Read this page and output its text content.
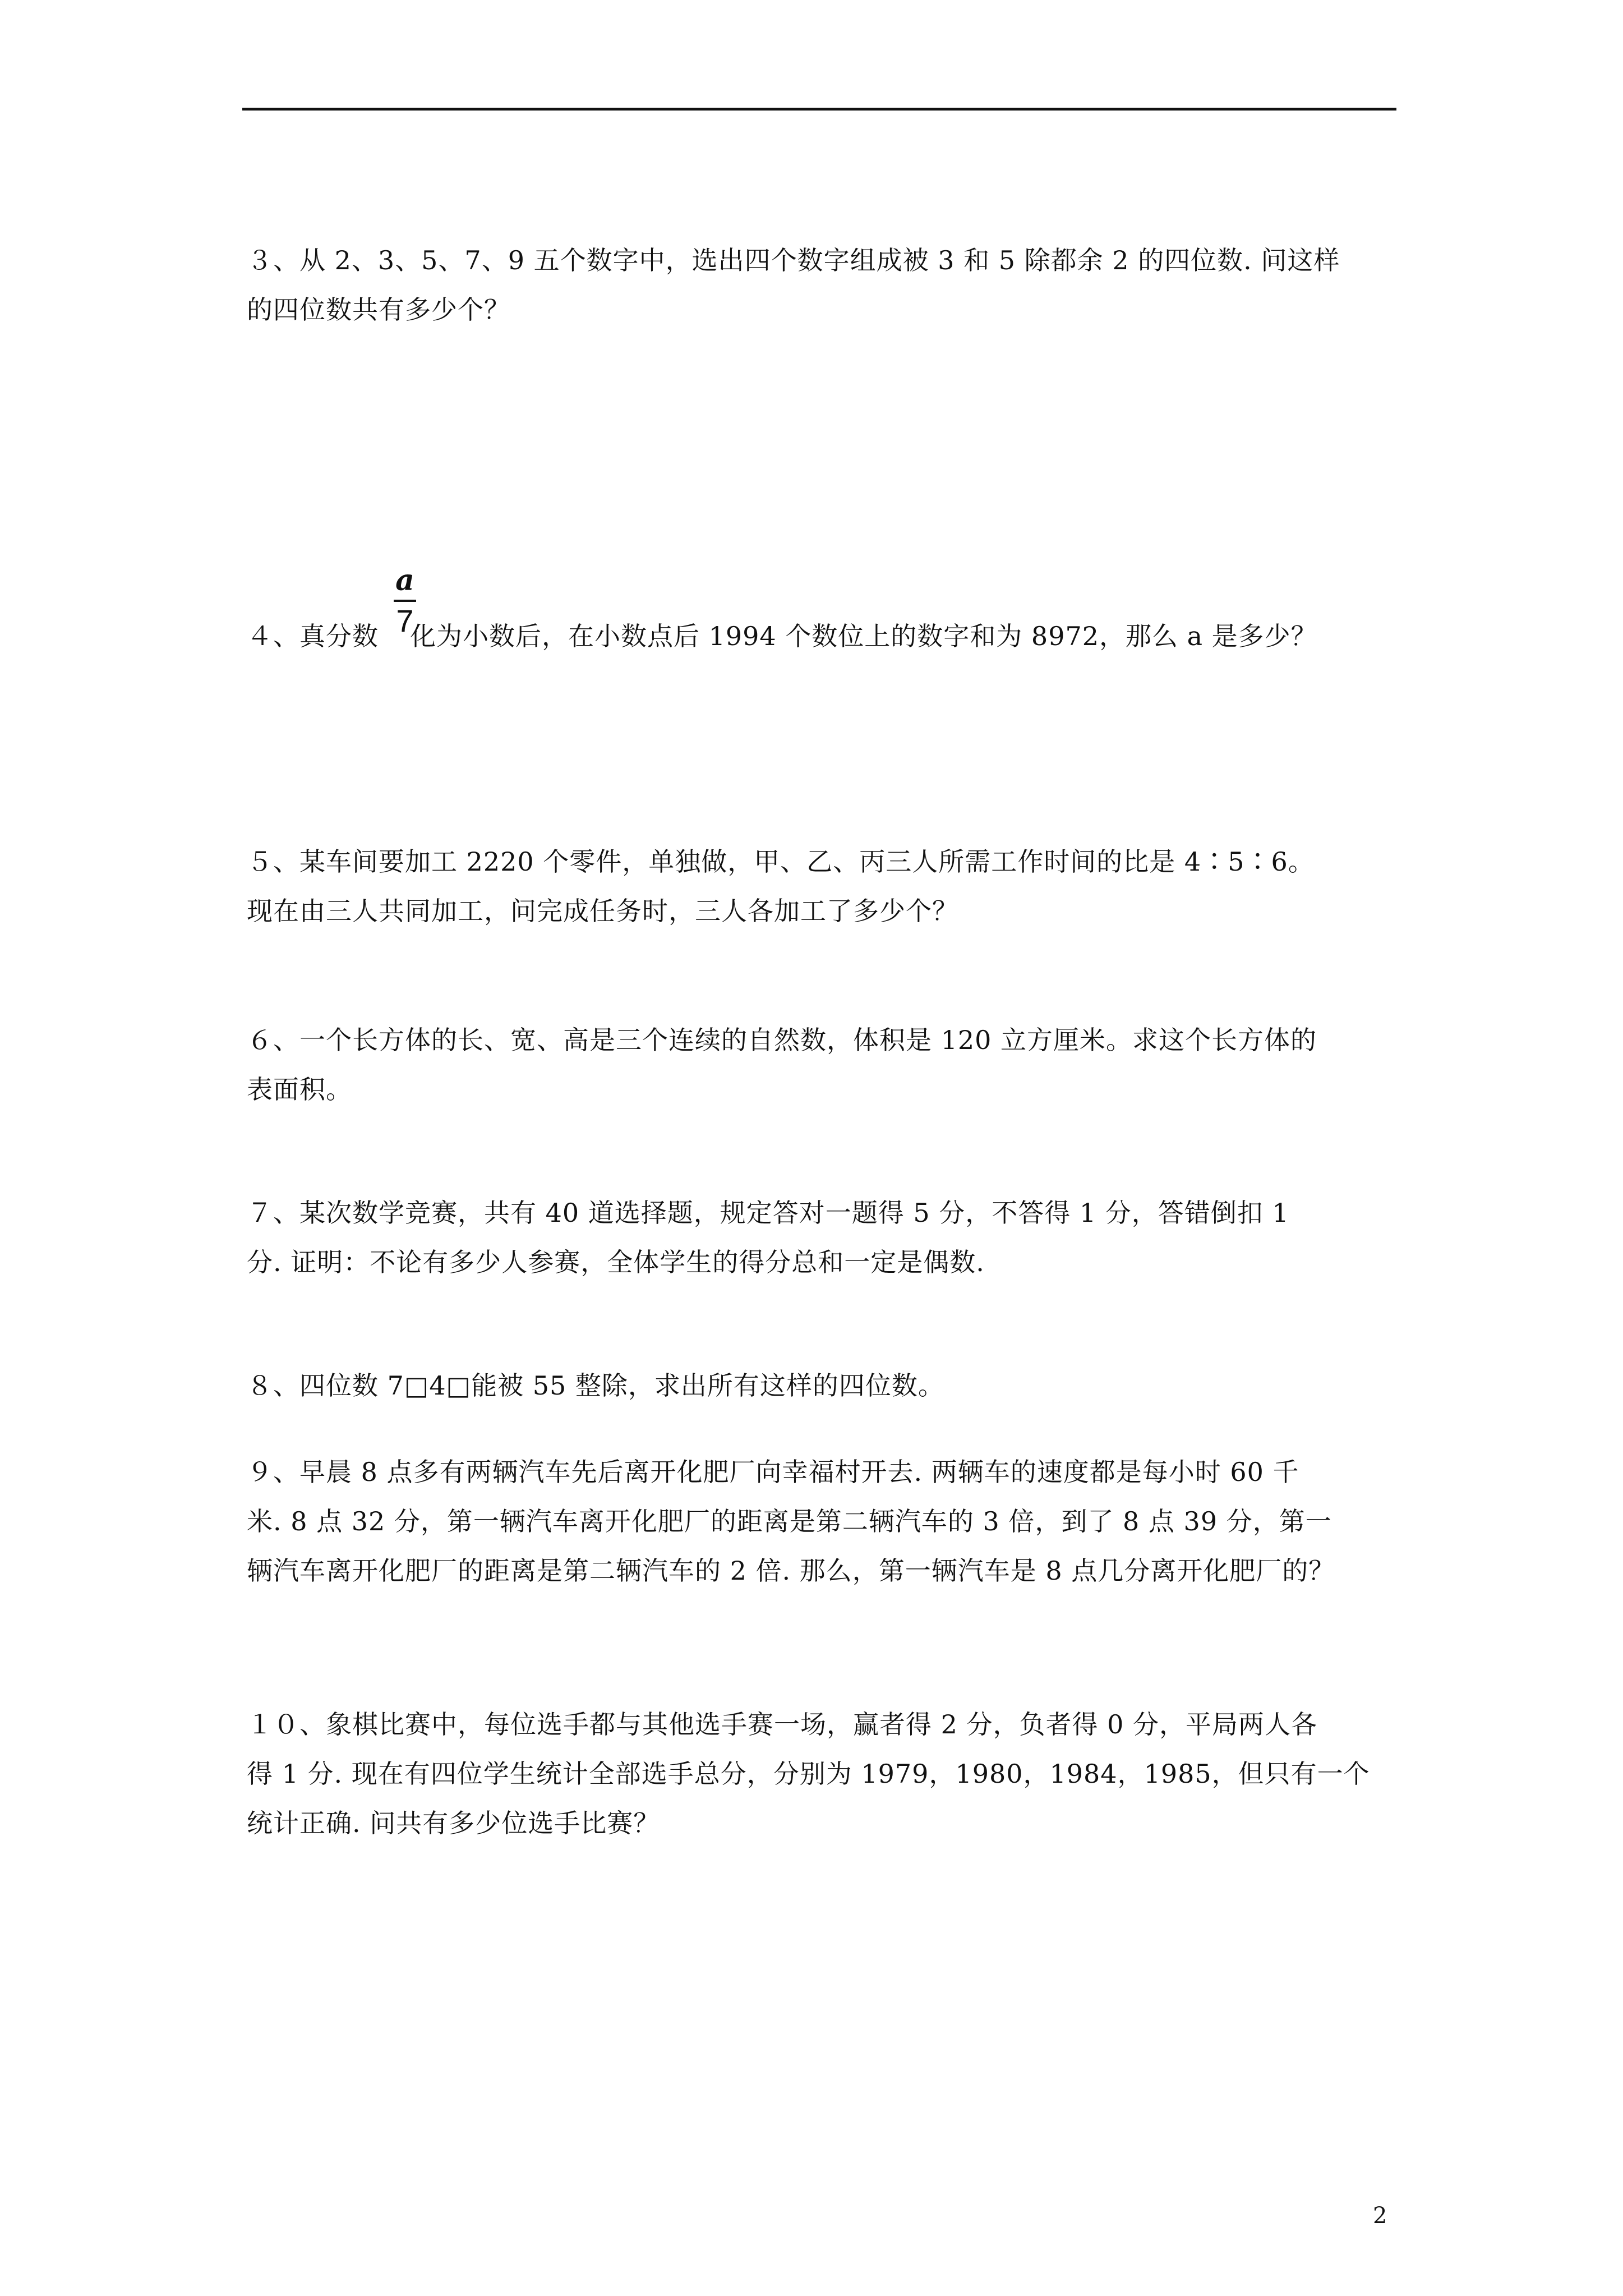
３、从 2、3、5、7、9 五个数字中，选出四个数字组成被 3 和 5 除都余 2 的四位数. 问这样
的四位数共有多少个？
４、真分数 化为小数后，在小数点后 1994 个数位上的数字和为 8972，那么 a 是多少？
a
7
５、某车间要加工 2220 个零件，单独做，甲、乙、丙三人所需工作时间的比是 4∶5∶6。
现在由三人共同加工，问完成任务时，三人各加工了多少个？
６、一个长方体的长、宽、高是三个连续的自然数，体积是 120 立方厘米。求这个长方体的
表面积。
７、某次数学竞赛，共有 40 道选择题，规定答对一题得 5 分，不答得 1 分，答错倒扣 1
分. 证明：不论有多少人参赛，全体学生的得分总和一定是偶数.
８、四位数 7□4□能被 55 整除，求出所有这样的四位数。
９、早晨 8 点多有两辆汽车先后离开化肥厂向幸福村开去. 两辆车的速度都是每小时 60 千
米. 8 点 32 分，第一辆汽车离开化肥厂的距离是第二辆汽车的 3 倍，到了 8 点 39 分，第一
辆汽车离开化肥厂的距离是第二辆汽车的 2 倍. 那么，第一辆汽车是 8 点几分离开化肥厂的？
１０、象棋比赛中，每位选手都与其他选手赛一场，赢者得 2 分，负者得 0 分，平局两人各
得 1 分. 现在有四位学生统计全部选手总分，分别为 1979，1980，1984，1985，但只有一个
统计正确. 问共有多少位选手比赛？
2
